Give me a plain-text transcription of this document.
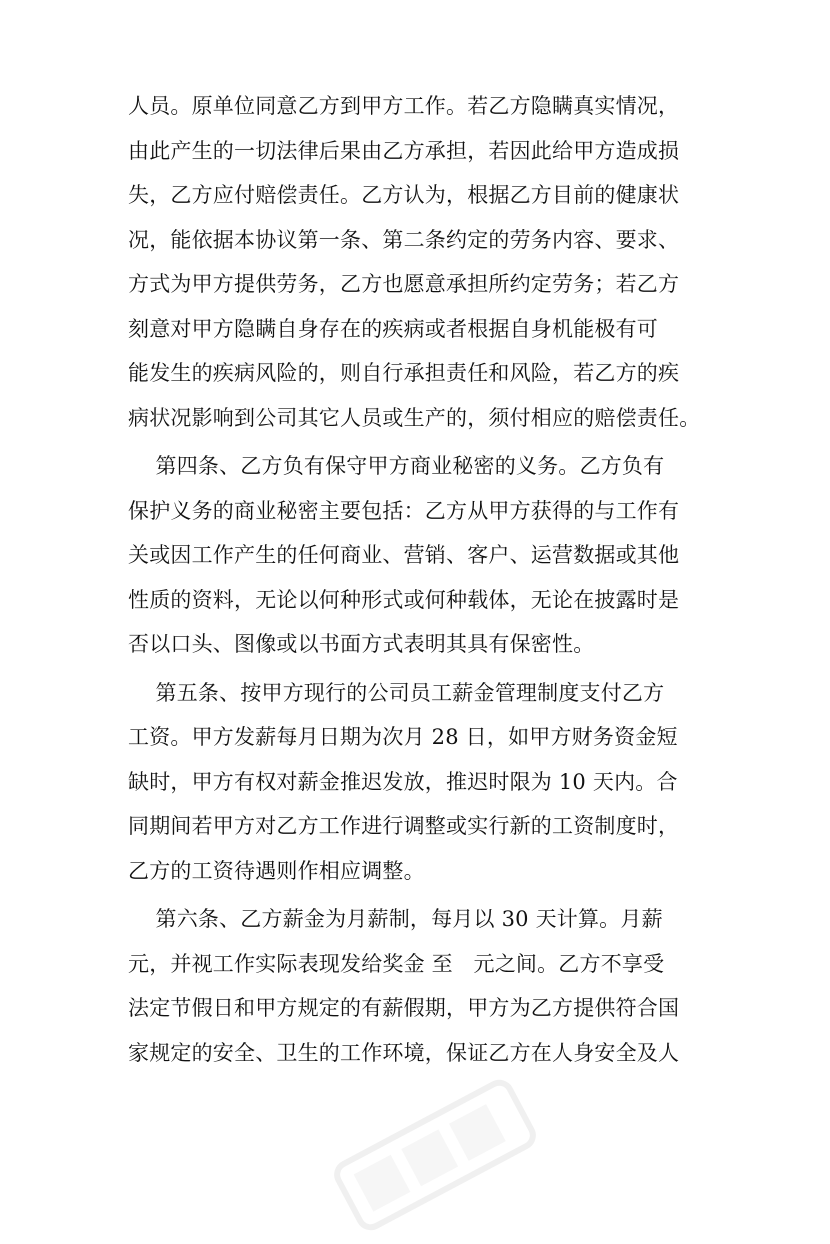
人员。原单位同意乙方到甲方工作。若乙方隐瞒真实情况，
由此产生的一切法律后果由乙方承担，若因此给甲方造成损
失，乙方应付赔偿责任。乙方认为，根据乙方目前的健康状
况，能依据本协议第一条、第二条约定的劳务内容、要求、
方式为甲方提供劳务，乙方也愿意承担所约定劳务；若乙方
刻意对甲方隐瞒自身存在的疾病或者根据自身机能极有可
能发生的疾病风险的，则自行承担责任和风险，若乙方的疾
病状况影响到公司其它人员或生产的，须付相应的赔偿责任。
第四条、乙方负有保守甲方商业秘密的义务。乙方负有
保护义务的商业秘密主要包括：乙方从甲方获得的与工作有
关或因工作产生的任何商业、营销、客户、运营数据或其他
性质的资料，无论以何种形式或何种载体，无论在披露时是
否以口头、图像或以书面方式表明其具有保密性。
第五条、按甲方现行的公司员工薪金管理制度支付乙方
工资。甲方发薪每月日期为次月 28 日，如甲方财务资金短
缺时，甲方有权对薪金推迟发放，推迟时限为 10 天内。合
同期间若甲方对乙方工作进行调整或实行新的工资制度时，
乙方的工资待遇则作相应调整。
第六条、乙方薪金为月薪制，每月以 30 天计算。月薪
元，并视工作实际表现发给奖金 至   元之间。乙方不享受
法定节假日和甲方规定的有薪假期，甲方为乙方提供符合国
家规定的安全、卫生的工作环境，保证乙方在人身安全及人
